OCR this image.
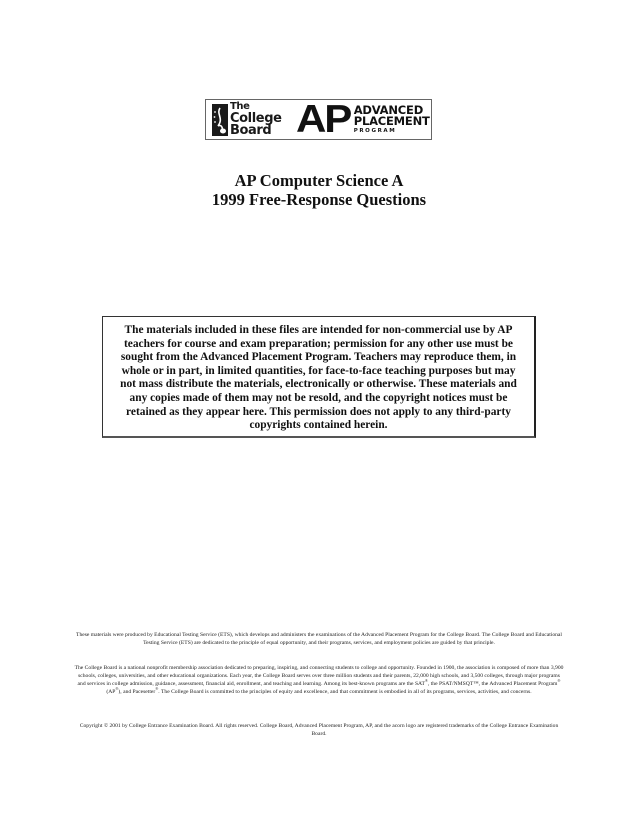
The
College
Board AP ADVANCED
PLACEMENT
PROGRAM
AP Computer Science A
1999 Free-Response Questions
The materials included in these files are intended for non-commercial use by AP teachers for course and exam preparation; permission for any other use must be sought from the Advanced Placement Program. Teachers may reproduce them, in whole or in part, in limited quantities, for face-to-face teaching purposes but may not mass distribute the materials, electronically or otherwise. These materials and any copies made of them may not be resold, and the copyright notices must be retained as they appear here. This permission does not apply to any third-party copyrights contained herein.
These materials were produced by Educational Testing Service (ETS), which develops and administers the examinations of the Advanced Placement Program for the College Board. The College Board and Educational Testing Service (ETS) are dedicated to the principle of equal opportunity, and their programs, services, and employment policies are guided by that principle.
The College Board is a national nonprofit membership association dedicated to preparing, inspiring, and connecting students to college and opportunity. Founded in 1900, the association is composed of more than 3,900 schools, colleges, universities, and other educational organizations. Each year, the College Board serves over three million students and their parents, 22,000 high schools, and 3,500 colleges, through major programs and services in college admission, guidance, assessment, financial aid, enrollment, and teaching and learning. Among its best-known programs are the SAT®, the PSAT/NMSQT™, the Advanced Placement Program® (AP®), and Pacesetter®. The College Board is committed to the principles of equity and excellence, and that commitment is embodied in all of its programs, services, activities, and concerns.
Copyright © 2001 by College Entrance Examination Board. All rights reserved. College Board, Advanced Placement Program, AP, and the acorn logo are registered trademarks of the College Entrance Examination Board.
